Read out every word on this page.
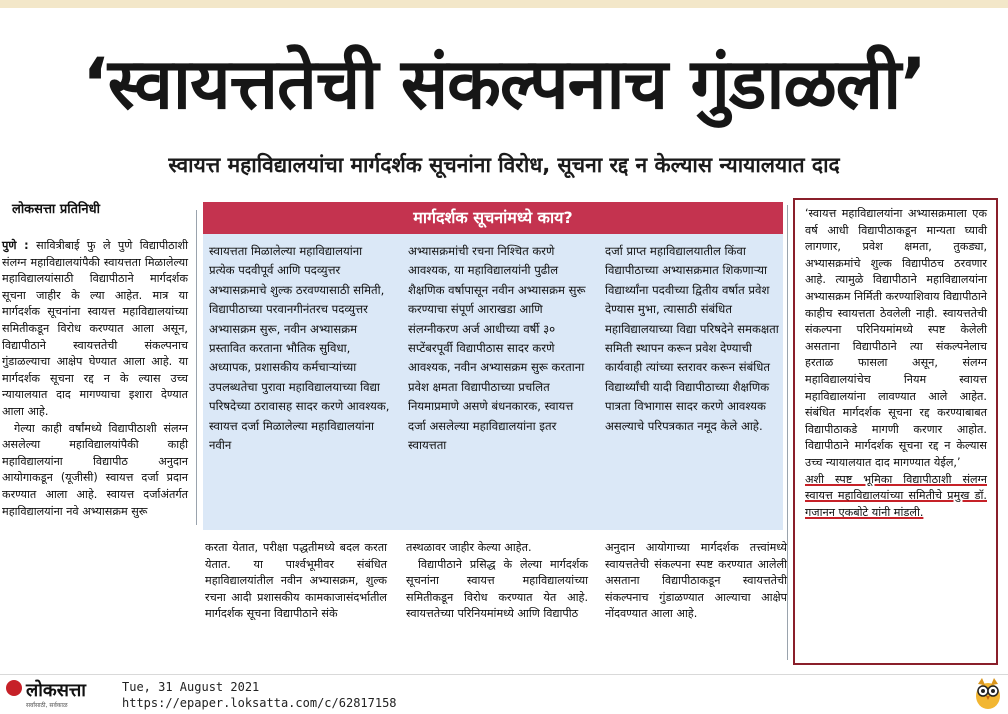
‘स्वायत्ततेची संकल्पनाच गुंडाळली’
स्वायत्त महाविद्यालयांचा मार्गदर्शक सूचनांना विरोध, सूचना रद्द न केल्यास न्यायालयात दाद
लोकसत्ता प्रतिनिधी

पुणे : सावित्रीबाई फु ले पुणे विद्यापीठाशी संलग्न महाविद्यालयांपैकी स्वायत्तता मिळालेल्या महाविद्यालयांसाठी विद्यापीठाने मार्गदर्शक सूचना जाहीर के ल्या आहेत. मात्र या मार्गदर्शक सूचनांना स्वायत्त महाविद्यालयांच्या समितीकडून विरोध करण्यात आला असून, विद्यापीठाने स्वायत्ततेची संकल्पनाच गुंडाळल्याचा आक्षेप घेण्यात आला आहे. या मार्गदर्शक सूचना रद्द न के ल्यास उच्च न्यायालयात दाद मागण्याचा इशारा देण्यात आला आहे.

गेल्या काही वर्षांमध्ये विद्यापीठाशी संलग्न असलेल्या महाविद्यालयांपैकी काही महाविद्यालयांना विद्यापीठ अनुदान आयोगाकडून (यूजीसी) स्वायत्त दर्जा प्रदान करण्यात आला आहे. स्वायत्त दर्जाअंतर्गत महाविद्यालयांना नवे अभ्यासक्रम सुरू

मार्गदर्शक सूचनांमध्ये काय?

स्वायत्तता मिळालेल्या महाविद्यालयांना प्रत्येक पदवीपूर्व आणि पदव्युत्तर अभ्यासक्रमाचे शुल्क ठरवण्यासाठी समिती, विद्यापीठाच्या परवानगीनंतरच पदव्युत्तर अभ्यासक्रम सुरू, नवीन अभ्यासक्रम प्रस्तावित करताना भौतिक सुविधा, अध्यापक, प्रशासकीय कर्मचाऱ्यांच्या उपलब्धतेचा पुरावा महाविद्यालयाच्या विद्या परिषदेच्या ठरावासह सादर करणे आवश्यक, स्वायत्त दर्जा मिळालेल्या महाविद्यालयांना नवीन

अभ्यासक्रमांची रचना निश्चित करणे आवश्यक, या महाविद्यालयांनी पुढील शैक्षणिक वर्षापासून नवीन अभ्यासक्रम सुरू करण्याचा संपूर्ण आराखडा आणि संलग्नीकरण अर्ज आधीच्या वर्षी ३० सप्टेंबरपूर्वी विद्यापीठास सादर करणे आवश्यक, नवीन अभ्यासक्रम सुरू करताना प्रवेश क्षमता विद्यापीठाच्या प्रचलित नियमाप्रमाणे असणे बंधनकारक, स्वायत्त दर्जा असलेल्या महाविद्यालयांना इतर स्वायत्तता

दर्जा प्राप्त महाविद्यालयातील किंवा विद्यापीठाच्या अभ्यासक्रमात शिकणाऱ्या विद्यार्थ्यांना पदवीच्या द्वितीय वर्षात प्रवेश देण्यास मुभा, त्यासाठी संबंधित महाविद्यालयाच्या विद्या परिषदेने समकक्षता समिती स्थापन करून प्रवेश देण्याची कार्यवाही त्यांच्या स्तरावर करून संबंधित विद्यार्थ्यांची यादी विद्यापीठाच्या शैक्षणिक पात्रता विभागास सादर करणे आवश्यक असल्याचे परिपत्रकात नमूद केले आहे.

करता येतात, परीक्षा पद्धतीमध्ये बदल करता येतात. या पार्श्वभूमीवर संबंधित महाविद्यालयांतील नवीन अभ्यासक्रम, शुल्क रचना आदी प्रशासकीय कामकाजासंदर्भातील मार्गदर्शक सूचना विद्यापीठाने संके

तस्थळावर जाहीर केल्या आहेत.

विद्यापीठाने प्रसिद्ध के लेल्या मार्गदर्शक सूचनांना स्वायत्त महाविद्यालयांच्या समितीकडून विरोध करण्यात येत आहे. स्वायत्ततेच्या परिनियमांमध्ये आणि विद्यापीठ

अनुदान आयोगाच्या मार्गदर्शक तत्त्वांमध्ये स्वायत्ततेची संकल्पना स्पष्ट करण्यात आलेली असताना विद्यापीठाकडून स्वायत्ततेची संकल्पनाच गुंडाळण्यात आल्याचा आक्षेप नोंदवण्यात आला आहे.

‘स्वायत्त महाविद्यालयांना अभ्यासक्रमाला एक वर्ष आधी विद्यापीठाकडून मान्यता घ्यावी लागणार, प्रवेश क्षमता, तुकड्या, अभ्यासक्रमांचे शुल्क विद्यापीठच ठरवणार आहे. त्यामुळे विद्यापीठाने महाविद्यालयांना अभ्यासक्रम निर्मिती करण्याशिवाय विद्यापीठाने काहीच स्वायत्तता ठेवलेली नाही. स्वायत्ततेची संकल्पना परिनियमांमध्ये स्पष्ट केलेली असताना विद्यापीठाने त्या संकल्पनेलाच हरताळ फासला असून, संलग्न महाविद्यालयांचेच नियम स्वायत्त महाविद्यालयांना लावण्यात आले आहेत. संबंधित मार्गदर्शक सूचना रद्द करण्याबाबत विद्यापीठाकडे मागणी करणार आहोत. विद्यापीठाने मार्गदर्शक सूचना रद्द न केल्यास उच्च न्यायालयात दाद मागण्यात येईल,’

अशी स्पष्ट भूमिका विद्यापीठाशी संलग्न स्वायत्त महाविद्यालयांच्या समितीचे प्रमुख डॉ. गजानन एकबोटे यांनी मांडली.

लोकसत्ता
सर्वांसाठी, सर्वकाळ
Tue, 31 August 2021
https://epaper.loksatta.com/c/62817158
